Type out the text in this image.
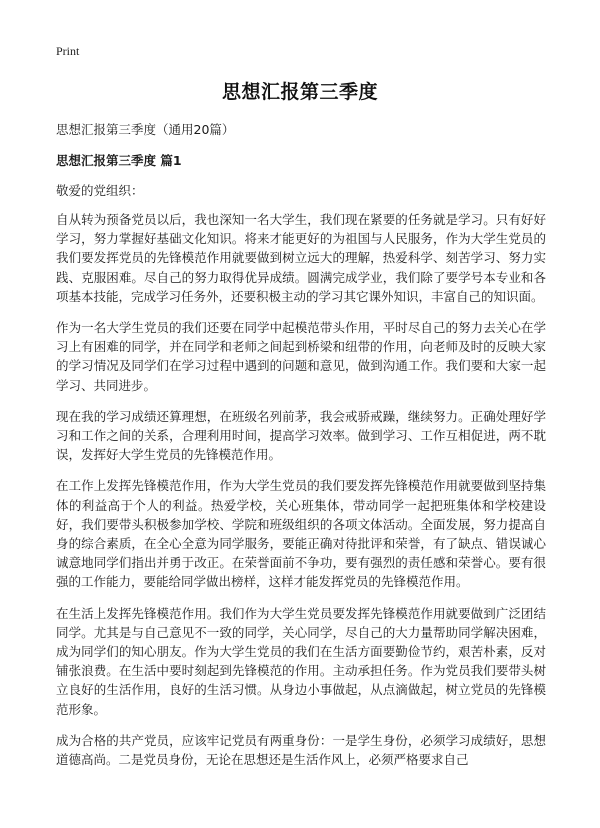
Print
思想汇报第三季度
思想汇报第三季度（通用20篇）
思想汇报第三季度 篇1
敬爱的党组织：

自从转为预备党员以后，我也深知一名大学生，我们现在紧要的任务就是学习。只有好好学习，努力掌握好基础文化知识。将来才能更好的为祖国与人民服务，作为大学生党员的我们要发挥党员的先锋模范作用就要做到树立远大的理解，热爱科学、刻苦学习、努力实践、克服困难。尽自己的努力取得优异成绩。圆满完成学业，我们除了要学号本专业和各项基本技能，完成学习任务外，还要积极主动的学习其它课外知识，丰富自己的知识面。

作为一名大学生党员的我们还要在同学中起模范带头作用，平时尽自己的努力去关心在学习上有困难的同学，并在同学和老师之间起到桥梁和纽带的作用，向老师及时的反映大家的学习情况及同学们在学习过程中遇到的问题和意见，做到沟通工作。我们要和大家一起学习、共同进步。

现在我的学习成绩还算理想，在班级名列前茅，我会戒骄戒躁，继续努力。正确处理好学习和工作之间的关系，合理利用时间，提高学习效率。做到学习、工作互相促进，两不耽误，发挥好大学生党员的先锋模范作用。

在工作上发挥先锋模范作用，作为大学生党员的我们要发挥先锋模范作用就要做到坚持集体的利益高于个人的利益。热爱学校，关心班集体，带动同学一起把班集体和学校建设好，我们要带头积极参加学校、学院和班级组织的各项文体活动。全面发展，努力提高自身的综合素质，在全心全意为同学服务，要能正确对待批评和荣誉，有了缺点、错误诚心诚意地同学们指出并勇于改正。在荣誉面前不争功，要有强烈的责任感和荣誉心。要有很强的工作能力，要能给同学做出榜样，这样才能发挥党员的先锋模范作用。

在生活上发挥先锋模范作用。我们作为大学生党员要发挥先锋模范作用就要做到广泛团结同学。尤其是与自己意见不一致的同学，关心同学，尽自己的大力量帮助同学解决困难，成为同学们的知心朋友。作为大学生党员的我们在生活方面要勤俭节约，艰苦朴素，反对铺张浪费。在生活中要时刻起到先锋模范的作用。主动承担任务。作为党员我们要带头树立良好的生活作用，良好的生活习惯。从身边小事做起，从点滴做起，树立党员的先锋模范形象。

成为合格的共产党员，应该牢记党员有两重身份：一是学生身份，必须学习成绩好，思想道德高尚。二是党员身份，无论在思想还是生活作风上，必须严格要求自己
